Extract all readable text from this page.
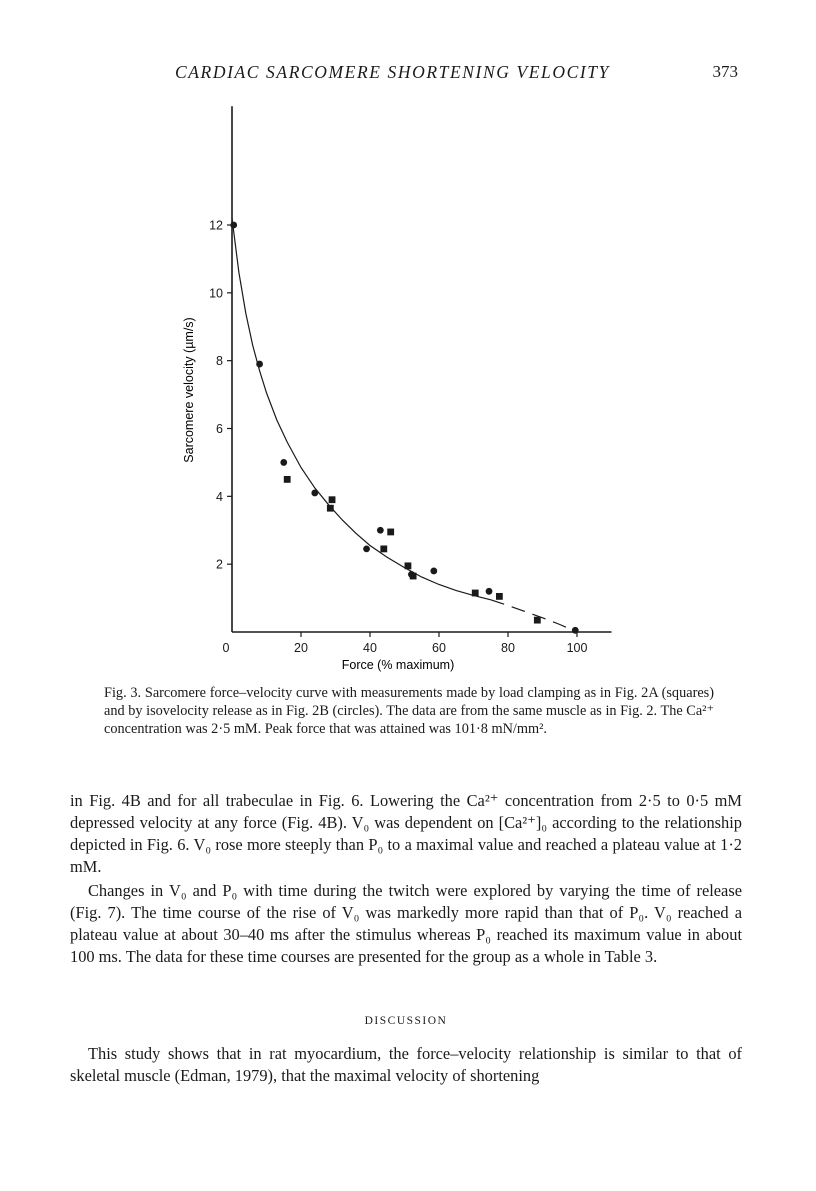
CARDIAC SARCOMERE SHORTENING VELOCITY	373
0	20	40	60	80	100
2
4
6
8
10
12
Sarcomere velocity (µm/s)
Force (% maximum)
Fig. 3. Sarcomere force–velocity curve with measurements made by load clamping as in Fig. 2A (squares) and by isovelocity release as in Fig. 2B (circles). The data are from the same muscle as in Fig. 2. The Ca²⁺ concentration was 2·5 mM. Peak force that was attained was 101·8 mN/mm².

in Fig. 4B and for all trabeculae in Fig. 6. Lowering the Ca²⁺ concentration from 2·5 to 0·5 mM depressed velocity at any force (Fig. 4B). V₀ was dependent on [Ca²⁺]₀ according to the relationship depicted in Fig. 6. V₀ rose more steeply than P₀ to a maximal value and reached a plateau value at 1·2 mM.

Changes in V₀ and P₀ with time during the twitch were explored by varying the time of release (Fig. 7). The time course of the rise of V₀ was markedly more rapid than that of P₀. V₀ reached a plateau value at about 30–40 ms after the stimulus whereas P₀ reached its maximum value in about 100 ms. The data for these time courses are presented for the group as a whole in Table 3.

DISCUSSION

This study shows that in rat myocardium, the force–velocity relationship is similar to that of skeletal muscle (Edman, 1979), that the maximal velocity of shortening
